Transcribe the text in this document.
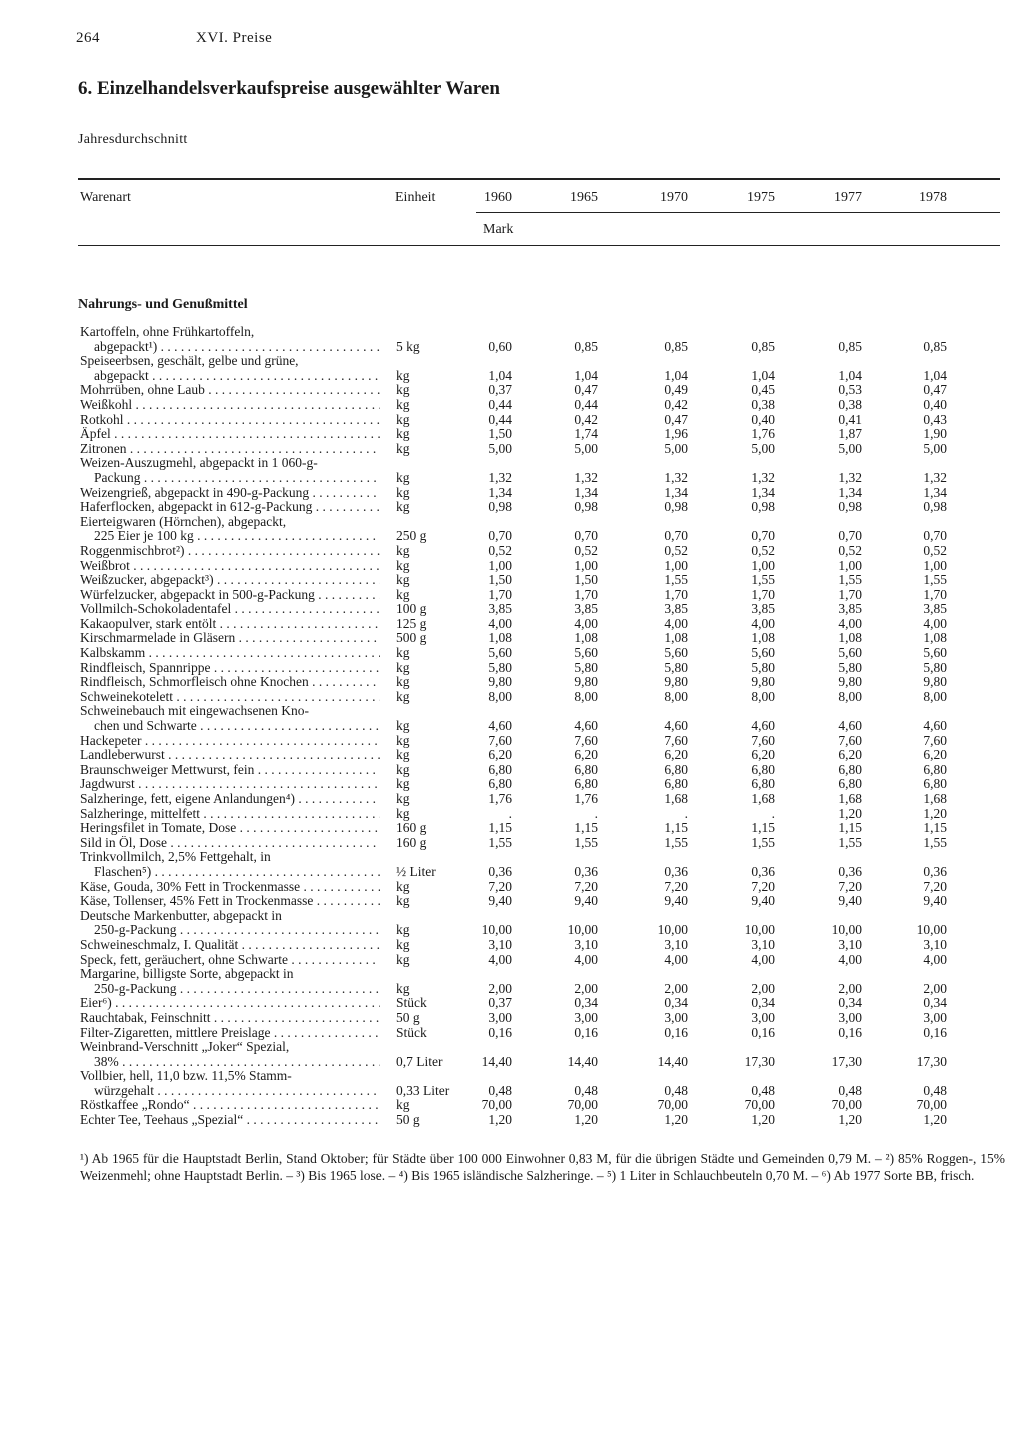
264	XVI. Preise
6. Einzelhandelsverkaufspreise ausgewählter Waren
Jahresdurchschnitt
Warenart	Einheit	1960	1965	1970	1975	1977	1978
Mark
Nahrungs- und Genußmittel
Kartoffeln, ohne Frühkartoffeln,
abgepackt¹) . . .	5 kg	0,60	0,85	0,85	0,85	0,85	0,85
Speiseerbsen, geschält, gelbe und grüne,
abgepackt . . .	kg	1,04	1,04	1,04	1,04	1,04	1,04
Mohrrüben, ohne Laub . . .	kg	0,37	0,47	0,49	0,45	0,53	0,47
Weißkohl . . .	kg	0,44	0,44	0,42	0,38	0,38	0,40
Rotkohl . . .	kg	0,44	0,42	0,47	0,40	0,41	0,43
Äpfel . . .	kg	1,50	1,74	1,96	1,76	1,87	1,90
Zitronen . . .	kg	5,00	5,00	5,00	5,00	5,00	5,00
Weizen-Auszugmehl, abgepackt in 1 060-g-
Packung . . .	kg	1,32	1,32	1,32	1,32	1,32	1,32
Weizengrieß, abgepackt in 490-g-Packung . . .	kg	1,34	1,34	1,34	1,34	1,34	1,34
Haferflocken, abgepackt in 612-g-Packung . . .	kg	0,98	0,98	0,98	0,98	0,98	0,98
Eierteigwaren (Hörnchen), abgepackt,
225 Eier je 100 kg . . .	250 g	0,70	0,70	0,70	0,70	0,70	0,70
Roggenmischbrot²) . . .	kg	0,52	0,52	0,52	0,52	0,52	0,52
Weißbrot . . .	kg	1,00	1,00	1,00	1,00	1,00	1,00
Weißzucker, abgepackt³) . . .	kg	1,50	1,50	1,55	1,55	1,55	1,55
Würfelzucker, abgepackt in 500-g-Packung . . .	kg	1,70	1,70	1,70	1,70	1,70	1,70
Vollmilch-Schokoladentafel . . .	100 g	3,85	3,85	3,85	3,85	3,85	3,85
Kakaopulver, stark entölt . . .	125 g	4,00	4,00	4,00	4,00	4,00	4,00
Kirschmarmelade in Gläsern . . .	500 g	1,08	1,08	1,08	1,08	1,08	1,08
Kalbskamm . . .	kg	5,60	5,60	5,60	5,60	5,60	5,60
Rindfleisch, Spannrippe . . .	kg	5,80	5,80	5,80	5,80	5,80	5,80
Rindfleisch, Schmorfleisch ohne Knochen . . .	kg	9,80	9,80	9,80	9,80	9,80	9,80
Schweinekotelett . . .	kg	8,00	8,00	8,00	8,00	8,00	8,00
Schweinebauch mit eingewachsenen Kno-
chen und Schwarte . . .	kg	4,60	4,60	4,60	4,60	4,60	4,60
Hackepeter . . .	kg	7,60	7,60	7,60	7,60	7,60	7,60
Landleberwurst . . .	kg	6,20	6,20	6,20	6,20	6,20	6,20
Braunschweiger Mettwurst, fein . . .	kg	6,80	6,80	6,80	6,80	6,80	6,80
Jagdwurst . . .	kg	6,80	6,80	6,80	6,80	6,80	6,80
Salzheringe, fett, eigene Anlandungen⁴) . . .	kg	1,76	1,76	1,68	1,68	1,68	1,68
Salzheringe, mittelfett . . .	kg	.	.	.	.	1,20	1,20
Heringsfilet in Tomate, Dose . . .	160 g	1,15	1,15	1,15	1,15	1,15	1,15
Sild in Öl, Dose . . .	160 g	1,55	1,55	1,55	1,55	1,55	1,55
Trinkvollmilch, 2,5% Fettgehalt, in
Flaschen⁵) . . .	½ Liter	0,36	0,36	0,36	0,36	0,36	0,36
Käse, Gouda, 30% Fett in Trockenmasse . . .	kg	7,20	7,20	7,20	7,20	7,20	7,20
Käse, Tollenser, 45% Fett in Trockenmasse . . .	kg	9,40	9,40	9,40	9,40	9,40	9,40
Deutsche Markenbutter, abgepackt in
250-g-Packung . . .	kg	10,00	10,00	10,00	10,00	10,00	10,00
Schweineschmalz, I. Qualität . . .	kg	3,10	3,10	3,10	3,10	3,10	3,10
Speck, fett, geräuchert, ohne Schwarte . . .	kg	4,00	4,00	4,00	4,00	4,00	4,00
Margarine, billigste Sorte, abgepackt in
250-g-Packung . . .	kg	2,00	2,00	2,00	2,00	2,00	2,00
Eier⁶) . . .	Stück	0,37	0,34	0,34	0,34	0,34	0,34
Rauchtabak, Feinschnitt . . .	50 g	3,00	3,00	3,00	3,00	3,00	3,00
Filter-Zigaretten, mittlere Preislage . . .	Stück	0,16	0,16	0,16	0,16	0,16	0,16
Weinbrand-Verschnitt „Joker“ Spezial,
38% . . .	0,7 Liter	14,40	14,40	14,40	17,30	17,30	17,30
Vollbier, hell, 11,0 bzw. 11,5% Stamm-
würzgehalt . . .	0,33 Liter	0,48	0,48	0,48	0,48	0,48	0,48
Röstkaffee „Rondo“ . . .	kg	70,00	70,00	70,00	70,00	70,00	70,00
Echter Tee, Teehaus „Spezial“ . . .	50 g	1,20	1,20	1,20	1,20	1,20	1,20
¹) Ab 1965 für die Hauptstadt Berlin, Stand Oktober; für Städte über 100 000 Einwohner 0,83 M, für die übrigen Städte und Gemeinden 0,79 M. – ²) 85% Roggen-, 15% Weizenmehl; ohne Hauptstadt Berlin. – ³) Bis 1965 lose. – ⁴) Bis 1965 isländische Salzheringe. – ⁵) 1 Liter in Schlauchbeuteln 0,70 M. – ⁶) Ab 1977 Sorte BB, frisch.
